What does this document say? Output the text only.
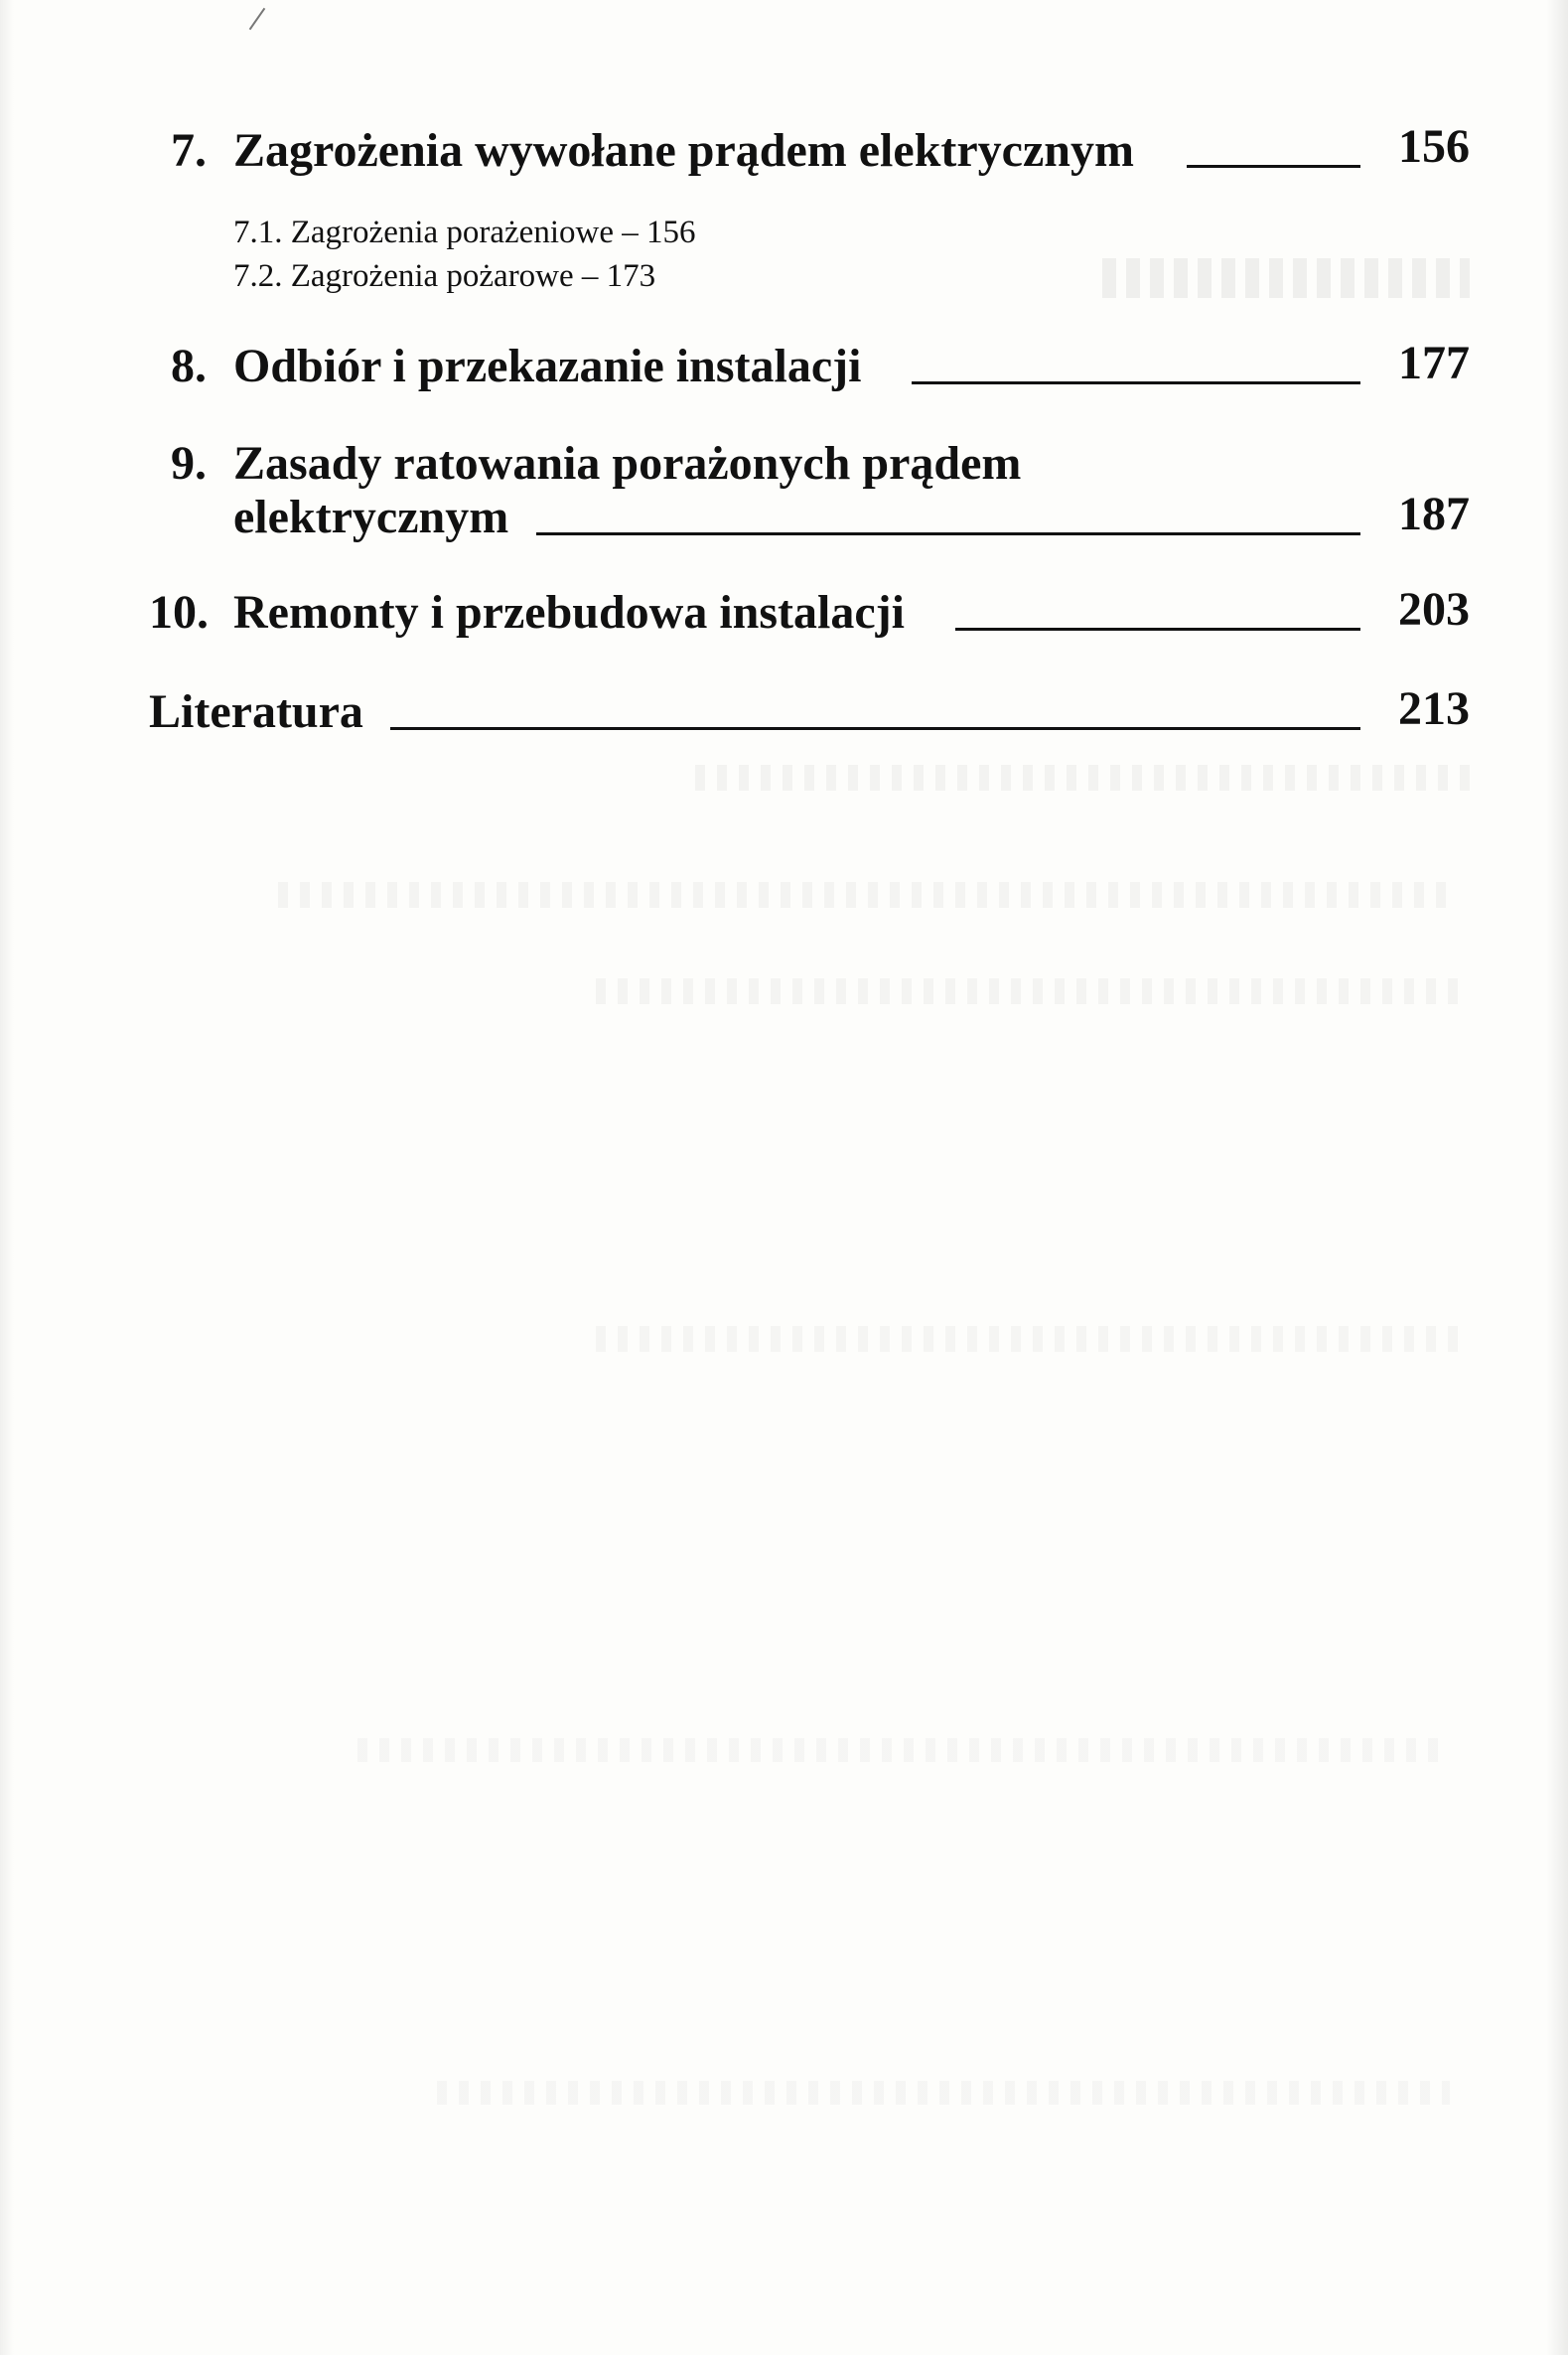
7. Zagrożenia wywołane prądem elektrycznym	156
7.1. Zagrożenia porażeniowe – 156
7.2. Zagrożenia pożarowe – 173
8. Odbiór i przekazanie instalacji	177
9. Zasady ratowania porażonych prądem
elektrycznym	187
10. Remonty i przebudowa instalacji	203
Literatura	213
